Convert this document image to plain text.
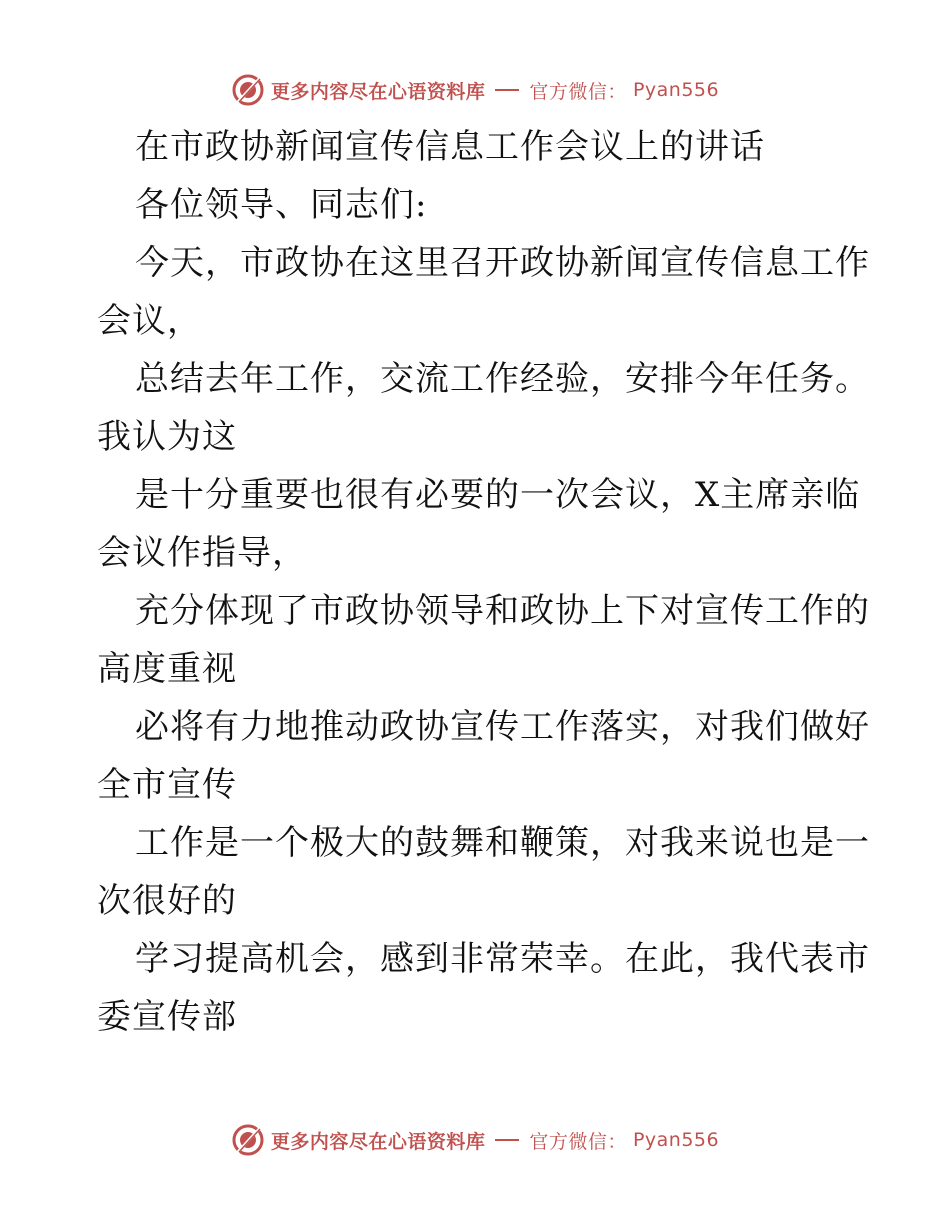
更多内容尽在心语资料库 官方微信： Pyan556
在市政协新闻宣传信息工作会议上的讲话
各位领导、同志们:
今天，市政协在这里召开政协新闻宣传信息工作
会议，
总结去年工作，交流工作经验，安排今年任务。
我认为这
是十分重要也很有必要的一次会议，X主席亲临
会议作指导，
充分体现了市政协领导和政协上下对宣传工作的
高度重视
必将有力地推动政协宣传工作落实，对我们做好
全市宣传
工作是一个极大的鼓舞和鞭策，对我来说也是一
次很好的
学习提高机会，感到非常荣幸。在此，我代表市
委宣传部
更多内容尽在心语资料库 官方微信： Pyan556
